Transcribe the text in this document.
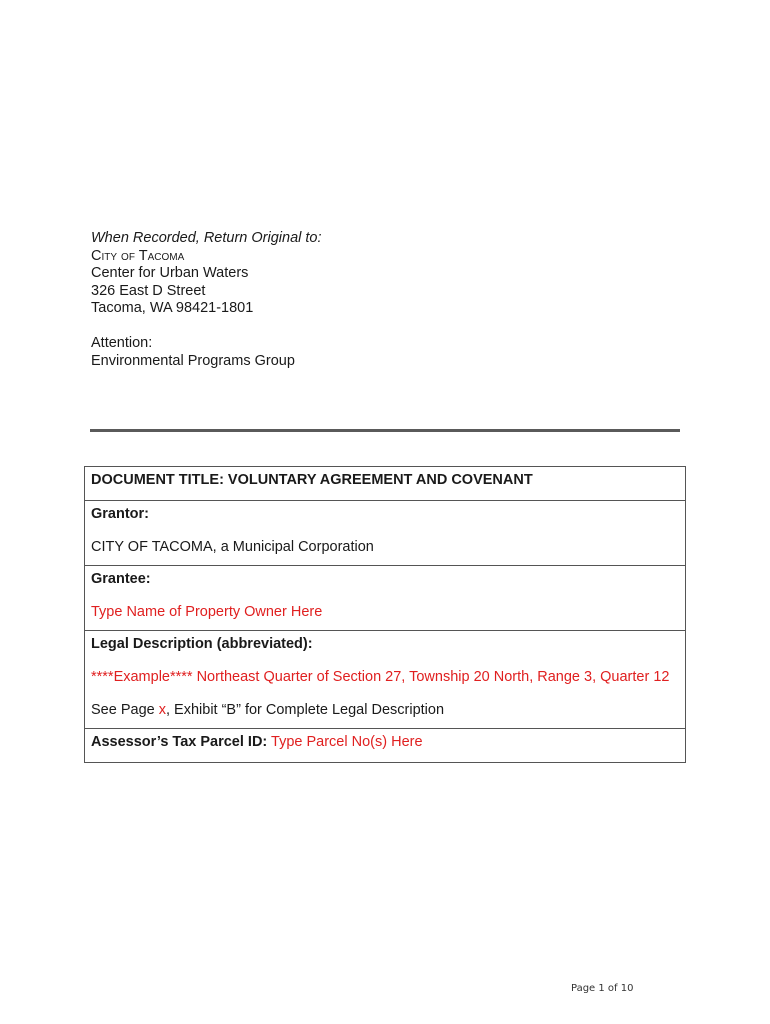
When Recorded, Return Original to:
City of Tacoma
Center for Urban Waters
326 East D Street
Tacoma, WA 98421-1801
Attention:
Environmental Programs Group
DOCUMENT TITLE: VOLUNTARY AGREEMENT AND COVENANT
Grantor:
CITY OF TACOMA, a Municipal Corporation
Grantee:
Type Name of Property Owner Here
Legal Description (abbreviated):
****Example**** Northeast Quarter of Section 27, Township 20 North, Range 3, Quarter 12
See Page x, Exhibit “B” for Complete Legal Description
Assessor’s Tax Parcel ID: Type Parcel No(s) Here
Page 1 of 10
